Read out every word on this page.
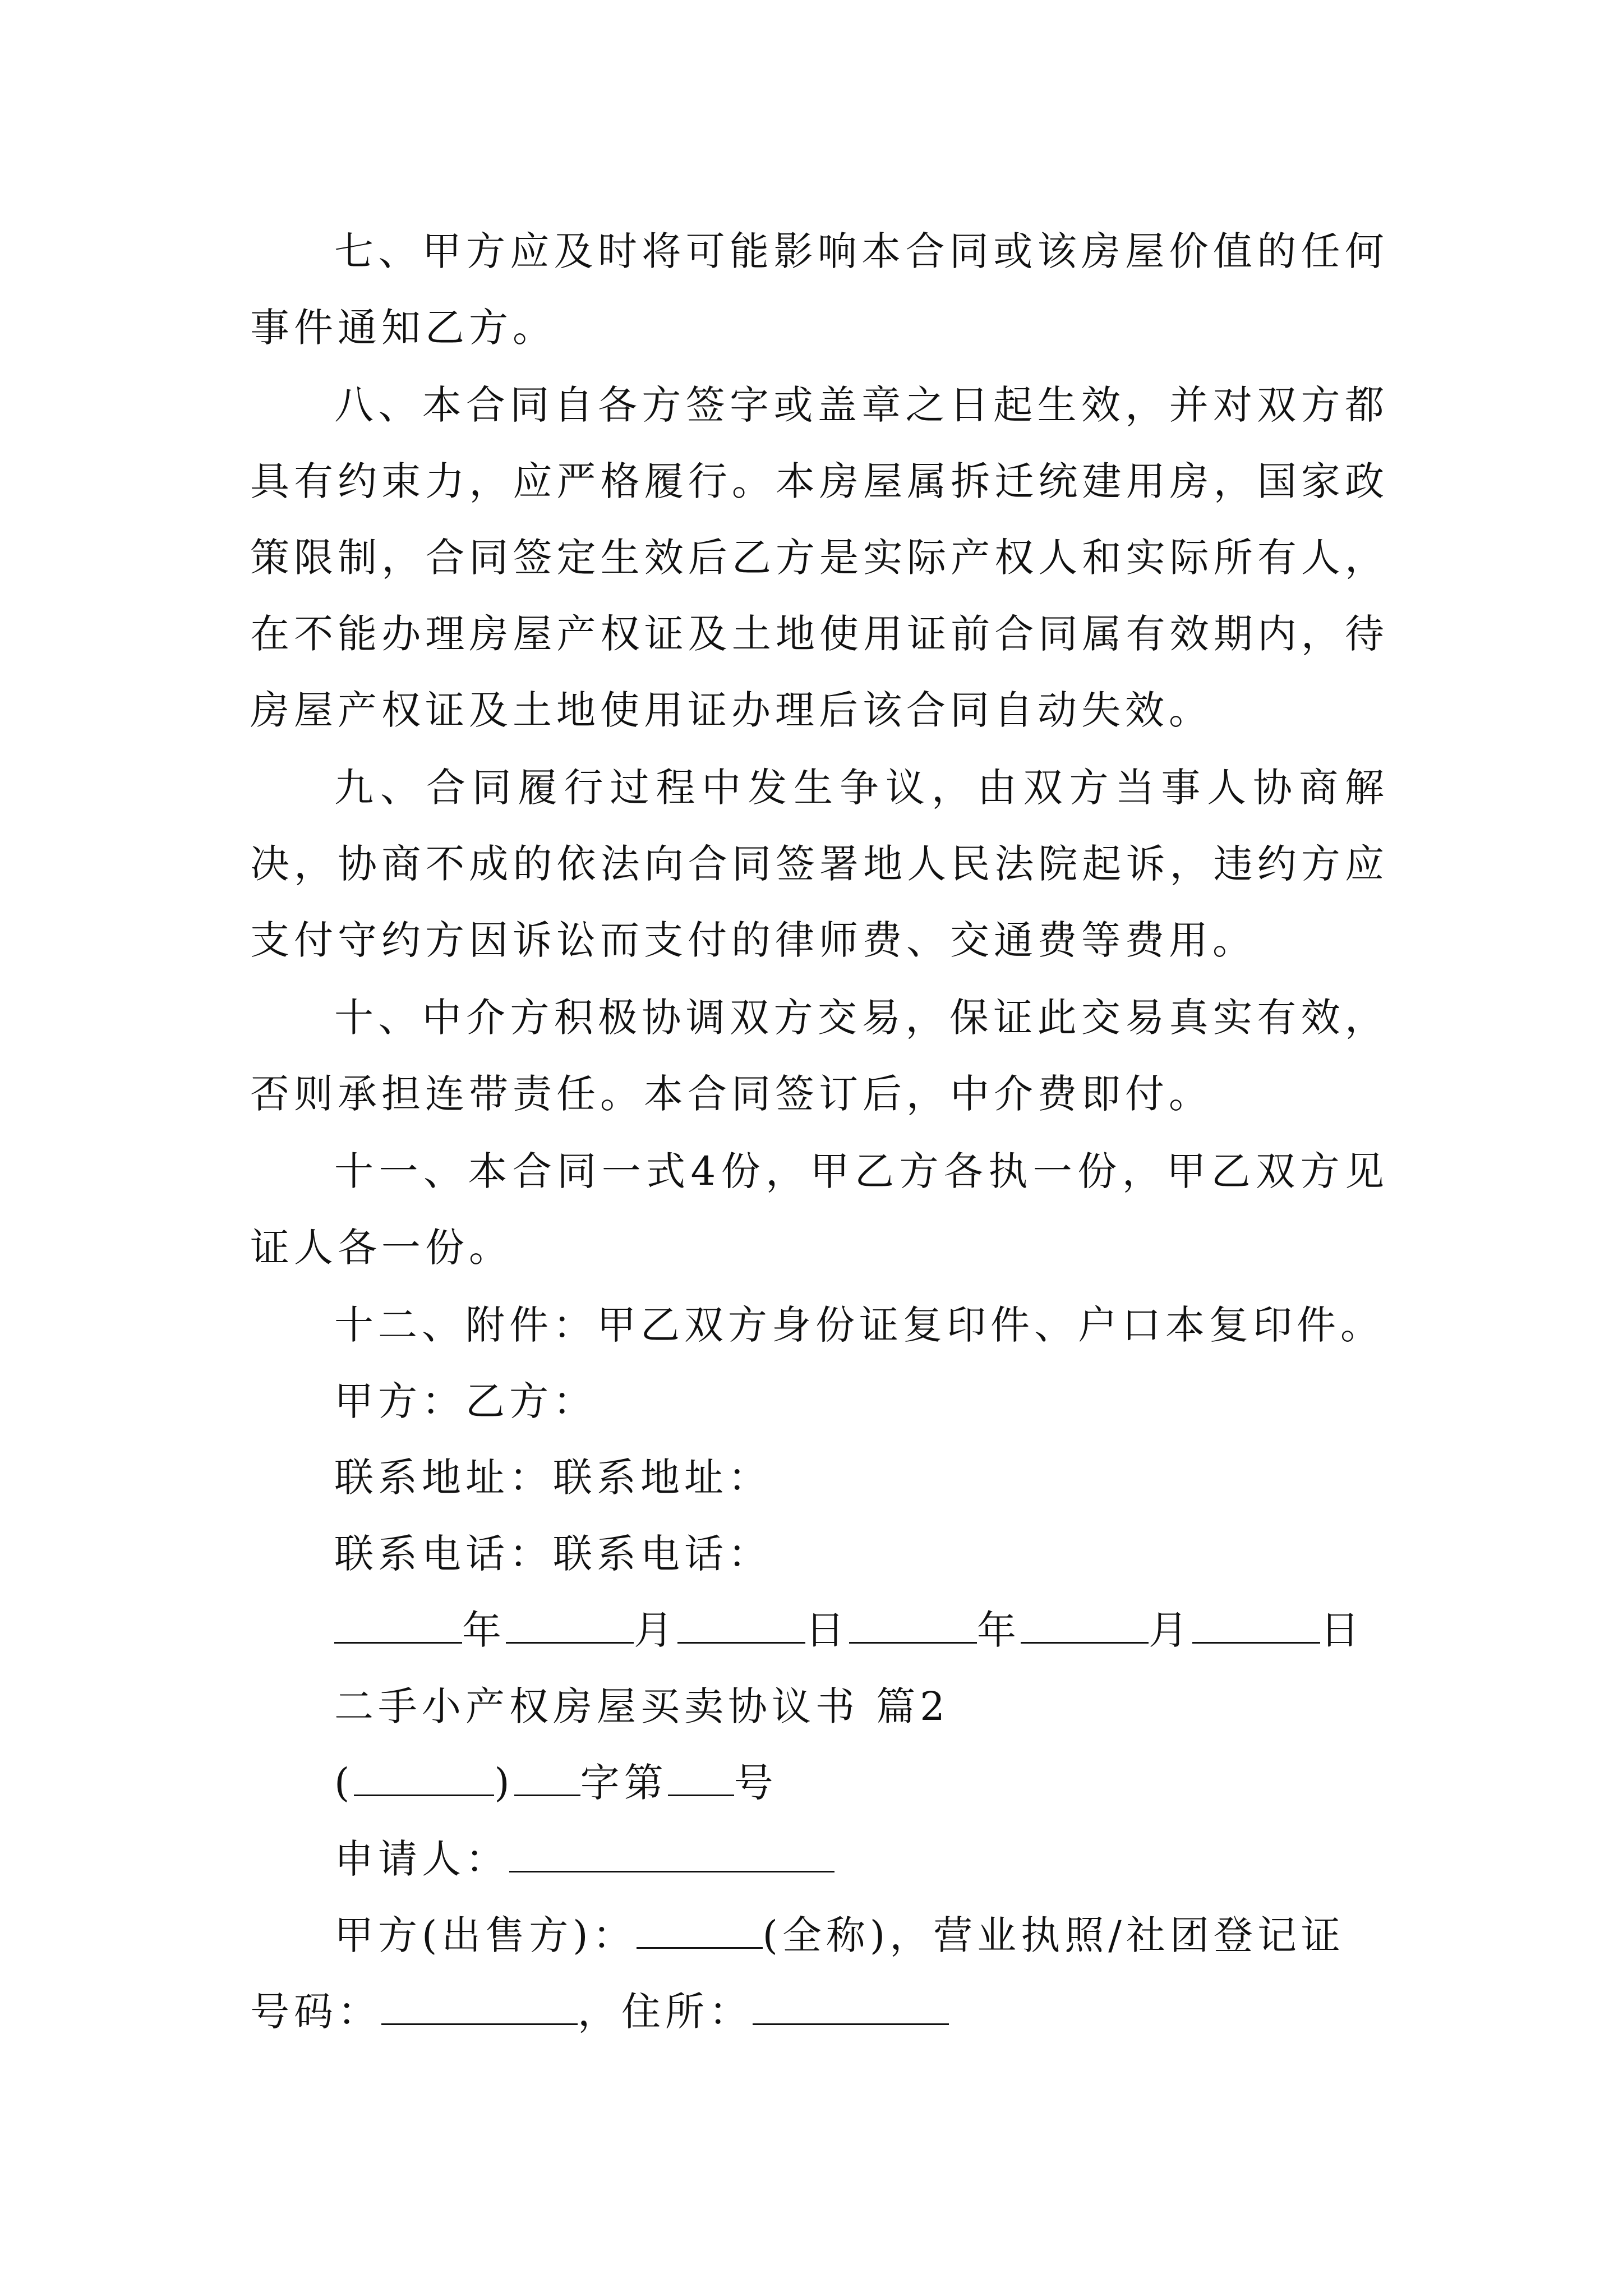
七、甲方应及时将可能影响本合同或该房屋价值的任何事件通知乙方。

八、本合同自各方签字或盖章之日起生效，并对双方都具有约束力，应严格履行。本房屋属拆迁统建用房，国家政策限制，合同签定生效后乙方是实际产权人和实际所有人，在不能办理房屋产权证及土地使用证前合同属有效期内，待房屋产权证及土地使用证办理后该合同自动失效。

九、合同履行过程中发生争议，由双方当事人协商解决，协商不成的依法向合同签署地人民法院起诉，违约方应支付守约方因诉讼而支付的律师费、交通费等费用。

十、中介方积极协调双方交易，保证此交易真实有效，否则承担连带责任。本合同签订后，中介费即付。

十一、本合同一式4份，甲乙方各执一份，甲乙双方见证人各一份。

十二、附件：甲乙双方身份证复印件、户口本复印件。

甲方：乙方：

联系地址：联系地址：

联系电话：联系电话：

年	月	日	年	月	日

二手小产权房屋买卖协议书 篇2

(	) 字第 号

申请人：

甲方(出售方)：	(全称)，营业执照/社团登记证

号码：	，住所：
